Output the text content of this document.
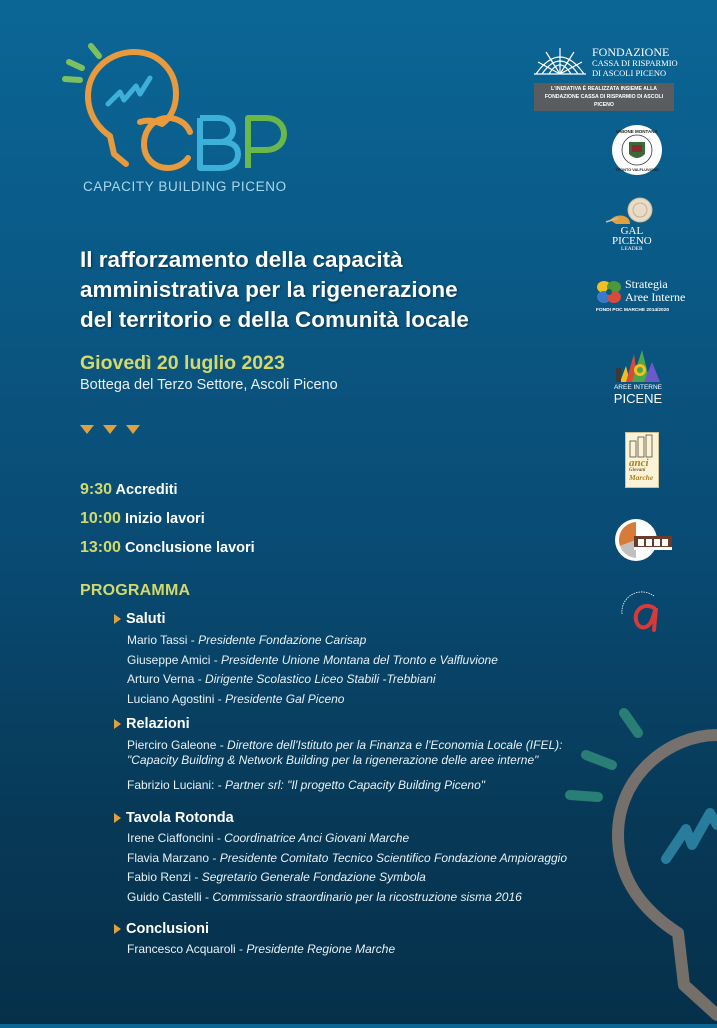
CAPACITY BUILDING PICENO
Il rafforzamento della capacità
amministrativa per la rigenerazione
del territorio e della Comunità locale
Giovedì 20 luglio 2023
Bottega del Terzo Settore, Ascoli Piceno
9:30 Accrediti
10:00 Inizio lavori
13:00 Conclusione lavori
PROGRAMMA
Saluti
Mario Tassi - Presidente Fondazione Carisap
Giuseppe Amici - Presidente Unione Montana del Tronto e Valfluvione
Arturo Verna - Dirigente Scolastico Liceo Stabili -Trebbiani
Luciano Agostini - Presidente Gal Piceno
Relazioni
Pierciro Galeone - Direttore dell'Istituto per la Finanza e l'Economia Locale (IFEL):
"Capacity Building & Network Building per la rigenerazione delle aree interne"
Fabrizio Luciani: - Partner srl: "Il progetto Capacity Building Piceno"
Tavola Rotonda
Irene Ciaffoncini - Coordinatrice Anci Giovani Marche
Flavia Marzano - Presidente Comitato Tecnico Scientifico Fondazione Ampioraggio
Fabio Renzi - Segretario Generale Fondazione Symbola
Guido Castelli - Commissario straordinario per la ricostruzione sisma 2016
Conclusioni
Francesco Acquaroli - Presidente Regione Marche
FONDAZIONE
CASSA DI RISPARMIO
DI ASCOLI PICENO
L'INIZIATIVA È REALIZZATA INSIEME ALLA
FONDAZIONE CASSA DI RISPARMIO DI ASCOLI PICENO
UNIONE MONTANA
TRONTO VALFLUVIONE
GAL
PICENO
LEADER
Strategia
Aree Interne
FONDI POC MARCHE 2014/2020
AREE INTERNE
PICENE
anci
Giovani
Marche
